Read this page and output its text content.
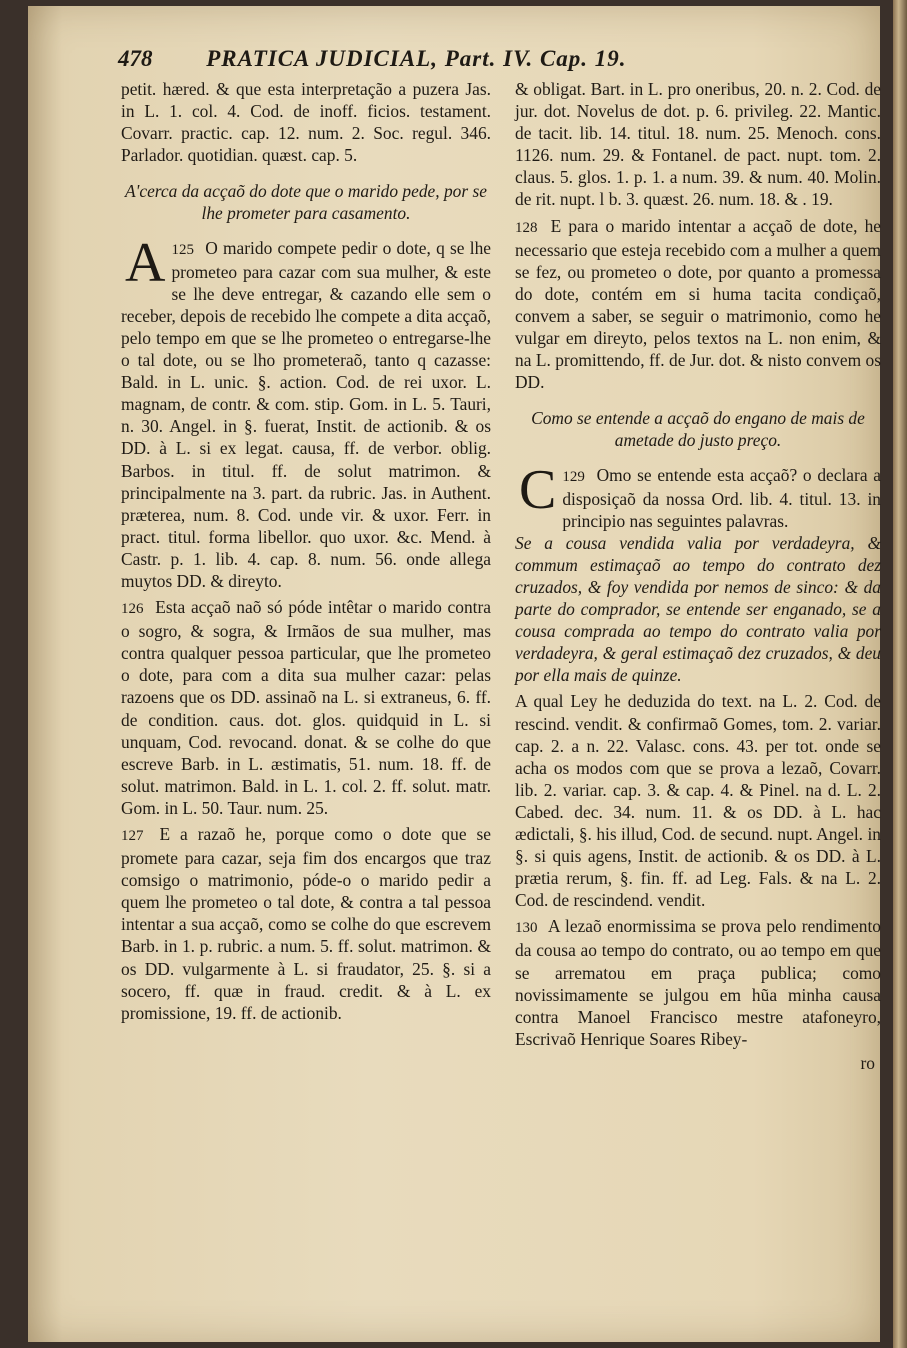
478 PRATICA JUDICIAL, Part. IV. Cap. 19.

petit. hæred. & que esta interpretação a puzera Jas. in L. 1. col. 4. Cod. de inoff. ficios. testament. Covarr. practic. cap. 12. num. 2. Soc. regul. 346. Parlador. quotidian. quæst. cap. 5.

A'cerca da acçaõ do dote que o marido pede, por se lhe prometer para casamento.

125
A O marido compete pedir o dote, q se lhe prometeo para cazar com sua mulher, & este se lhe deve entregar, & cazando elle sem o receber, depois de recebido lhe compete a dita acçaõ, pelo tempo em que se lhe prometeo o entregarse-lhe o tal dote, ou se lho prometeraõ, tanto q cazasse: Bald. in L. unic. §. action. Cod. de rei uxor. L. magnam, de contr. & com. stip. Gom. in L. 5. Tauri, n. 30. Angel. in §. fuerat, Instit. de actionib. & os DD. à L. si ex legat. causa, ff. de verbor. oblig. Barbos. in titul. ff. de solut matrimon. & principalmente na 3. part. da rubric. Jas. in Authent. præterea, num. 8. Cod. unde vir. & uxor. Ferr. in pract. titul. forma libellor. quo uxor. &c. Mend. à Castr. p. 1. lib. 4. cap. 8. num. 56. onde allega muytos DD. & direyto.

126 Esta acçaõ naõ só póde intêtar o marido contra o sogro, & sogra, & Irmãos de sua mulher, mas contra qualquer pessoa particular, que lhe prometeo o dote, para com a dita sua mulher cazar: pelas razoens que os DD. assinaõ na L. si extraneus, 6. ff. de condition. caus. dot. glos. quidquid in L. si unquam, Cod. revocand. donat. & se colhe do que escreve Barb. in L. æstimatis, 51. num. 18. ff. de solut. matrimon. Bald. in L. 1. col. 2. ff. solut. matr. Gom. in L. 50. Taur. num. 25.

127 E a razaõ he, porque como o dote que se promete para cazar, seja fim dos encargos que traz comsigo o matrimonio, póde-o o marido pedir a quem lhe prometeo o tal dote, & contra a tal pessoa intentar a sua acçaõ, como se colhe do que escrevem Barb. in 1. p. rubric. a num. 5. ff. solut. matrimon. & os DD. vulgarmente à L. si fraudator, 25. §. si a socero, ff. quæ in fraud. credit. & à L. ex promissione, 19. ff. de actionib.

& obligat. Bart. in L. pro oneribus, 20. n. 2. Cod. de jur. dot. Novelus de dot. p. 6. privileg. 22. Mantic. de tacit. lib. 14. titul. 18. num. 25. Menoch. cons. 1126. num. 29. & Fontanel. de pact. nupt. tom. 2. claus. 5. glos. 1. p. 1. a num. 39. & num. 40. Molin. de rit. nupt. l b. 3. quæst. 26. num. 18. & . 19.

128 E para o marido intentar a acçaõ de dote, he necessario que esteja recebido com a mulher a quem se fez, ou prometeo o dote, por quanto a promessa do dote, contém em si huma tacita condiçaõ, convem a saber, se seguir o matrimonio, como he vulgar em direyto, pelos textos na L. non enim, & na L. promittendo, ff. de Jur. dot. & nisto convem os DD.

Como se entende a acçaõ do engano de mais de ametade do justo preço.

129
C Omo se entende esta acçaõ? o declara a disposiçaõ da nossa Ord. lib. 4. titul. 13. in principio nas seguintes palavras.

Se a cousa vendida valia por verdadeyra, & commum estimaçaõ ao tempo do contrato dez cruzados, & foy vendida por nemos de sinco: & da parte do comprador, se entende ser enganado, se a cousa comprada ao tempo do contrato valia por verdadeyra, & geral estimaçaõ dez cruzados, & deu por ella mais de quinze.

A qual Ley he deduzida do text. na L. 2. Cod. de rescind. vendit. & confirmaõ Gomes, tom. 2. variar. cap. 2. a n. 22. Valasc. cons. 43. per tot. onde se acha os modos com que se prova a lezaõ, Covarr. lib. 2. variar. cap. 3. & cap. 4. & Pinel. na d. L. 2. Cabed. dec. 34. num. 11. & os DD. à L. hac ædictali, §. his illud, Cod. de secund. nupt. Angel. in §. si quis agens, Instit. de actionib. & os DD. à L. prætia rerum, §. fin. ff. ad Leg. Fals. & na L. 2. Cod. de rescindend. vendit.

130 A lezaõ enormissima se prova pelo rendimento da cousa ao tempo do contrato, ou ao tempo em que se arrematou em praça publica; como novissimamente se julgou em hũa minha causa contra Manoel Francisco mestre atafoneyro, Escrivaõ Henrique Soares Ribey-

ro
